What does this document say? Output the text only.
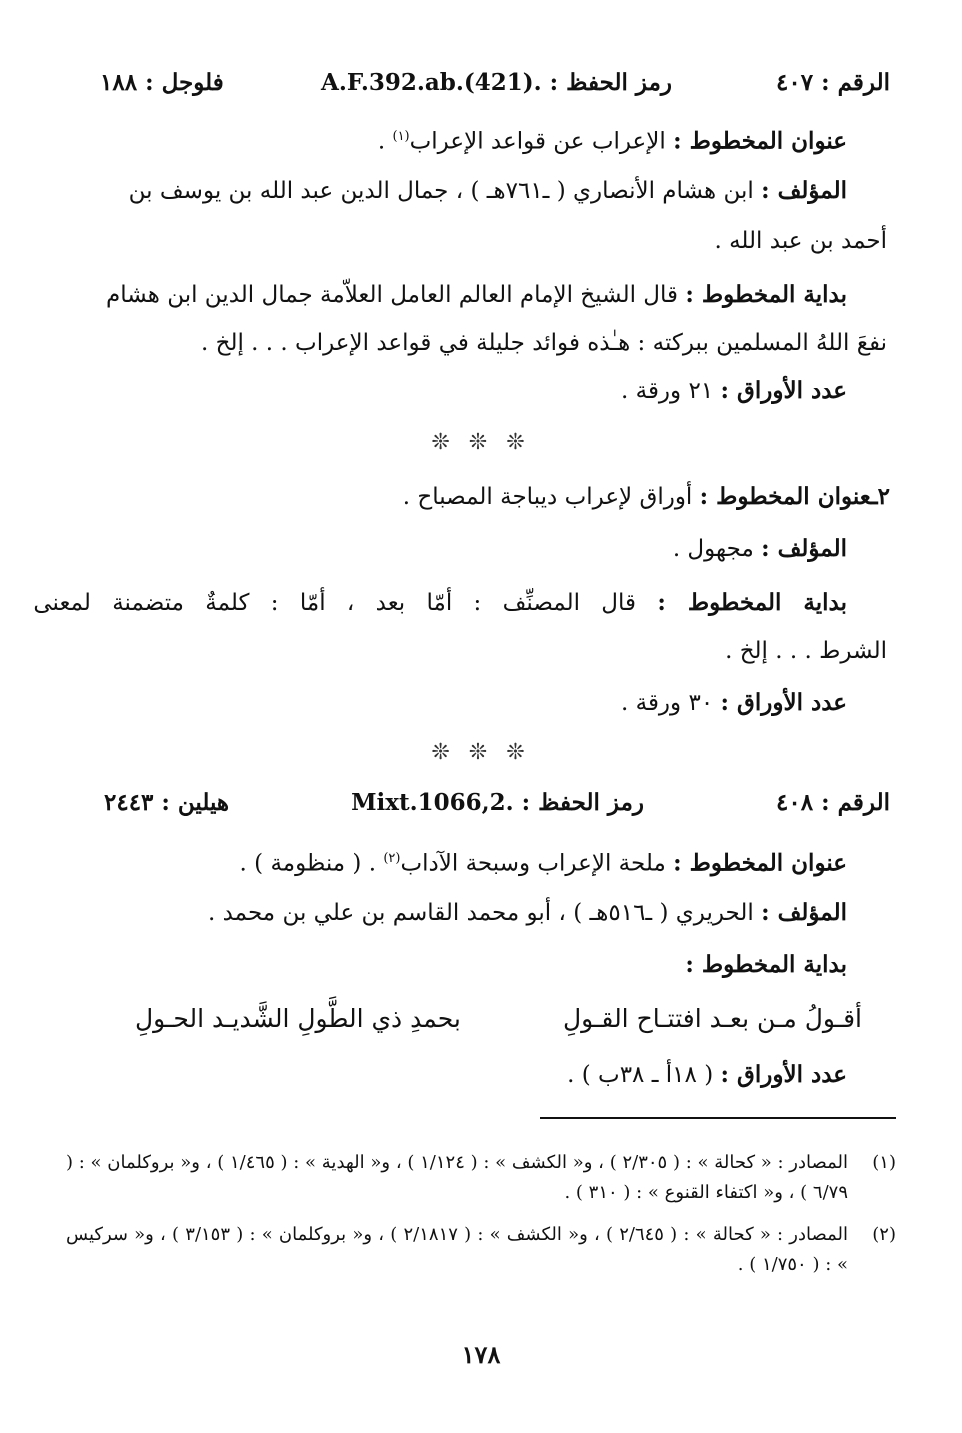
الرقم : ٤٠٧
رمز الحفظ : A.F.392.ab.(421).
فلوجل : ١٨٨
عنوان المخطوط : الإعراب عن قواعد الإعراب$^{(١)}$ .
المؤلف : ابن هشام الأنصاري ( ـ٧٦١هـ ) ، جمال الدين عبد الله بن يوسف بن
أحمد بن عبد الله .
بداية المخطوط : قال الشيخ الإمام العالم العامل العلاّمة جمال الدين ابن هشام
نفعَ اللهُ المسلمين ببركته : هـٰذه فوائد جليلة في قواعد الإعراب . . . إلخ .
عدد الأوراق : ٢١ ورقة .
❊ ❊ ❊
٢ـعنوان المخطوط : أوراق لإعراب ديباجة المصباح .
المؤلف : مجهول .
بداية المخطوط : قال المصنِّف : أمّا بعد ، أمّا : كلمةٌ متضمنة لمعنى
الشرط . . . إلخ .
عدد الأوراق : ٣٠ ورقة .
❊ ❊ ❊
الرقم : ٤٠٨
رمز الحفظ : Mixt.1066,2.
هيلين : ٢٤٤٣
عنوان المخطوط : ملحة الإعراب وسبحة الآداب$^{(٢)}$ . ( منظومة ) .
المؤلف : الحريري ( ـ٥١٦هـ ) ، أبو محمد القاسم بن علي بن محمد .
بداية المخطوط :
أقـولُ مـن بعـد افتتـاح القـولِ
بحمدِ ذي الطَّولِ الشَّديـد الحـولِ
عدد الأوراق : ( ١٨أ ـ ٣٨ب ) .
(١)
المصادر : « كحالة » : ( ٢/٣٠٥ ) ، و« الكشف » : ( ١/١٢٤ ) ، و« الهدية » : ( ١/٤٦٥ ) ، و« بروكلمان » : ( ٦/٧٩ ) ، و« اكتفاء القنوع » : ( ٣١٠ ) .
(٢)
المصادر : « كحالة » : ( ٢/٦٤٥ ) ، و« الكشف » : ( ٢/١٨١٧ ) ، و« بروكلمان » : ( ٣/١٥٣ ) ، و« سركيس » : ( ١/٧٥٠ ) .
١٧٨
